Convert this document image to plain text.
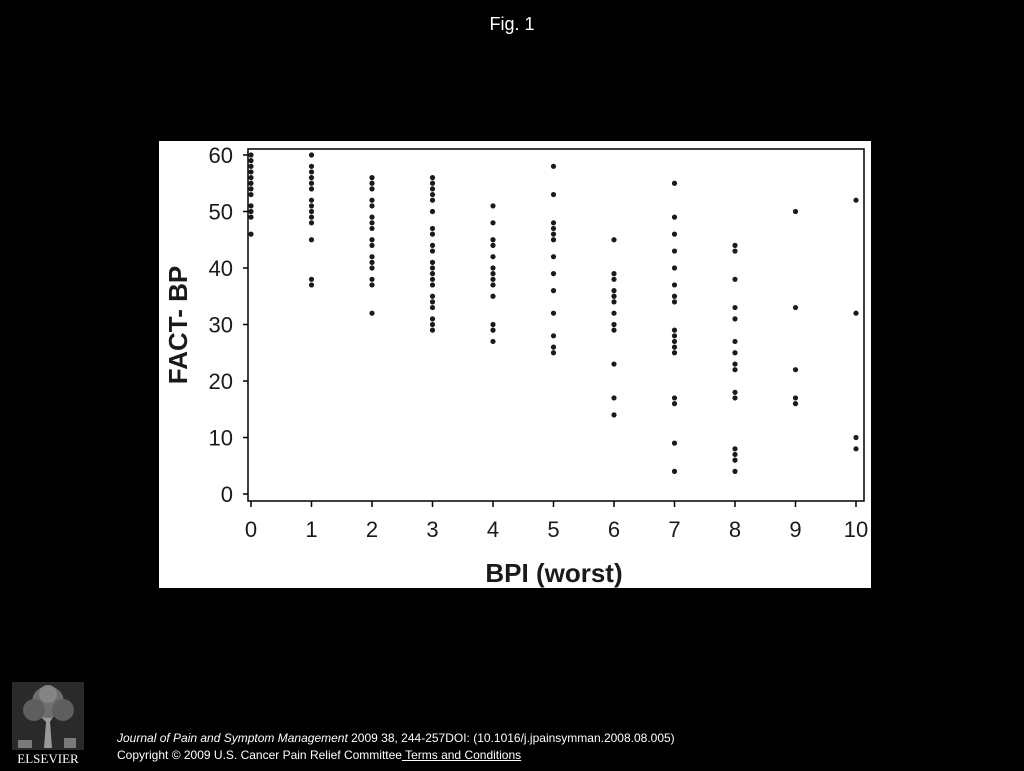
Fig. 1
0
10
20
30
40
50
60
0 1 2 3 4 5 6 7 8 9 10
FACT- BP
BPI (worst)
ELSEVIER
Journal of Pain and Symptom Management 2009 38, 244-257DOI: (10.1016/j.jpainsymman.2008.08.005)
Copyright © 2009 U.S. Cancer Pain Relief Committee Terms and Conditions
